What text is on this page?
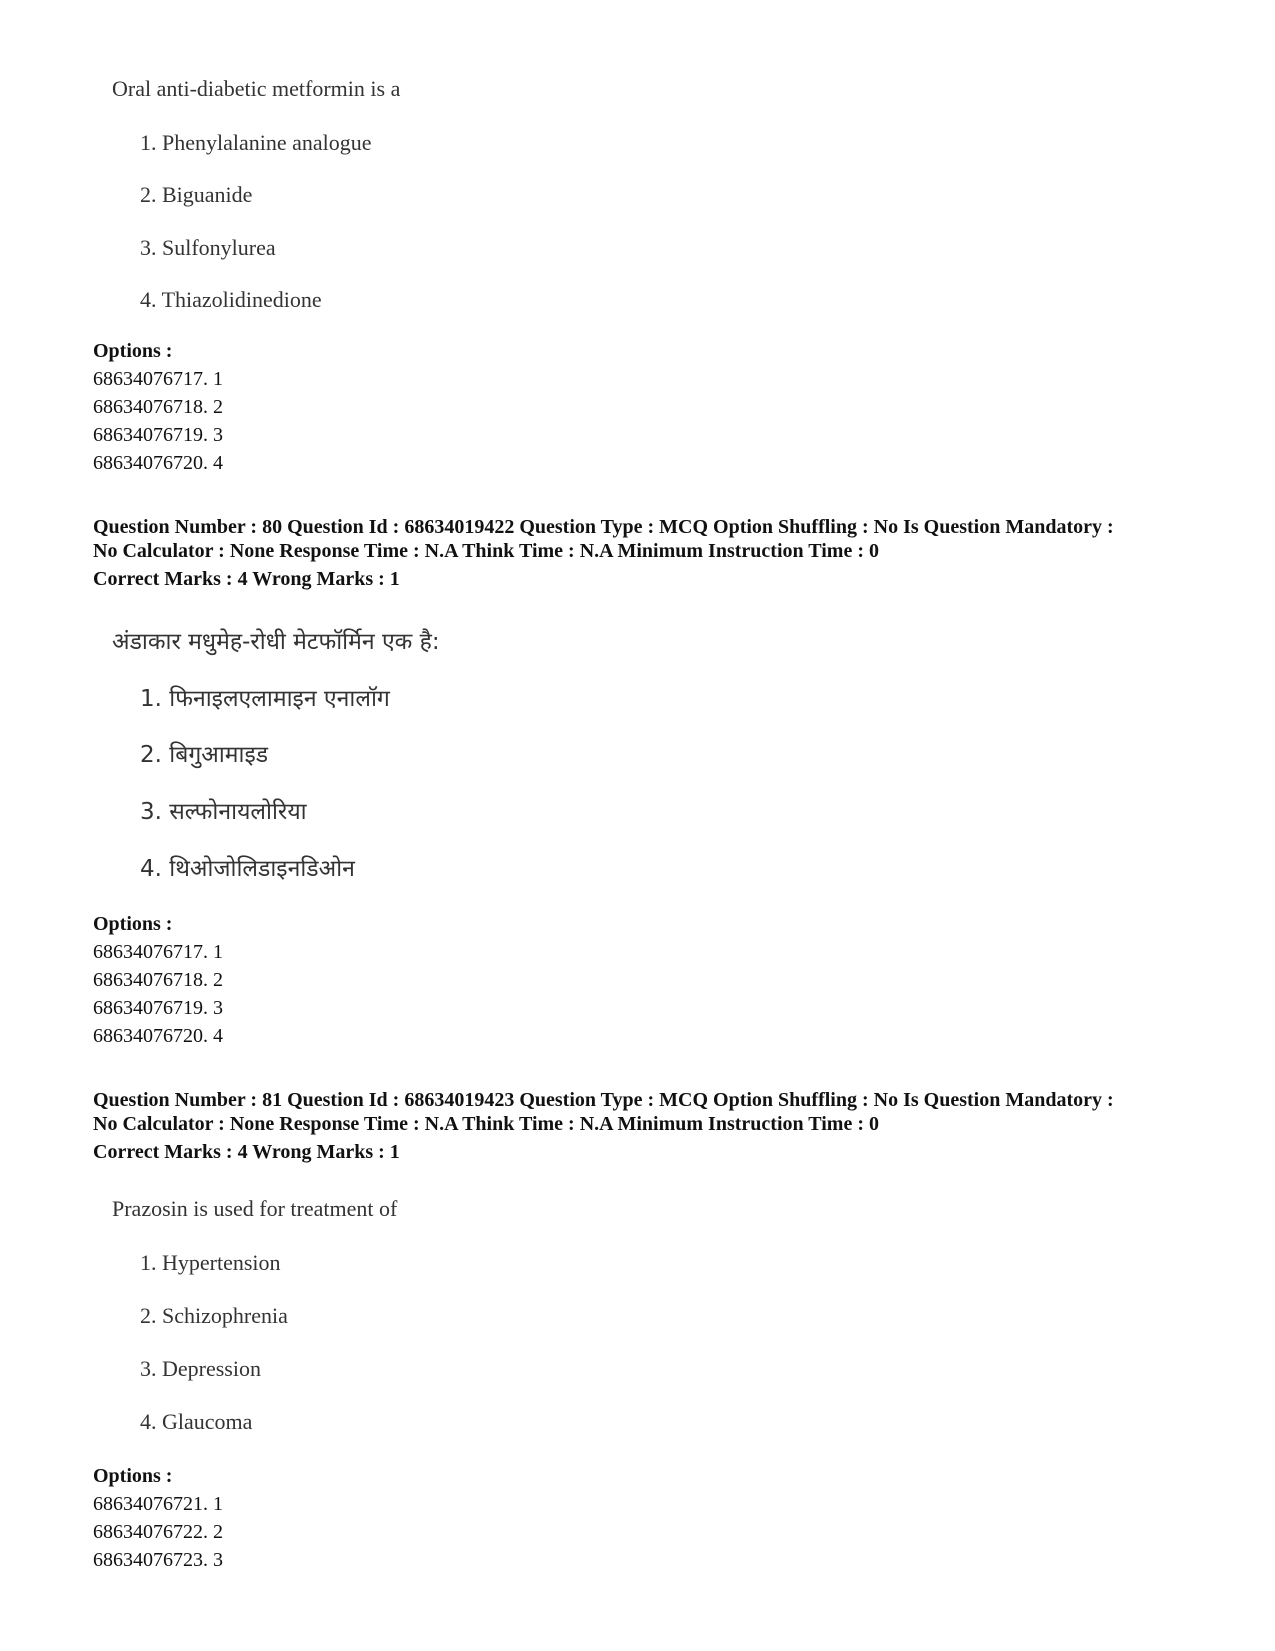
Oral anti-diabetic metformin is a
1. Phenylalanine analogue
2. Biguanide
3. Sulfonylurea
4. Thiazolidinedione
Options :
68634076717. 1
68634076718. 2
68634076719. 3
68634076720. 4
Question Number : 80 Question Id : 68634019422 Question Type : MCQ Option Shuffling : No Is Question Mandatory :
No Calculator : None Response Time : N.A Think Time : N.A Minimum Instruction Time : 0
Correct Marks : 4 Wrong Marks : 1
अंडाकार मधुमेह-रोधी मेटफॉर्मिन एक है:
1. फिनाइलएलामाइन एनालॉग
2. बिगुआमाइड
3. सल्फोनायलोरिया
4. थिओजोलिडाइनडिओन
Options :
68634076717. 1
68634076718. 2
68634076719. 3
68634076720. 4
Question Number : 81 Question Id : 68634019423 Question Type : MCQ Option Shuffling : No Is Question Mandatory :
No Calculator : None Response Time : N.A Think Time : N.A Minimum Instruction Time : 0
Correct Marks : 4 Wrong Marks : 1
Prazosin is used for treatment of
1. Hypertension
2. Schizophrenia
3. Depression
4. Glaucoma
Options :
68634076721. 1
68634076722. 2
68634076723. 3
